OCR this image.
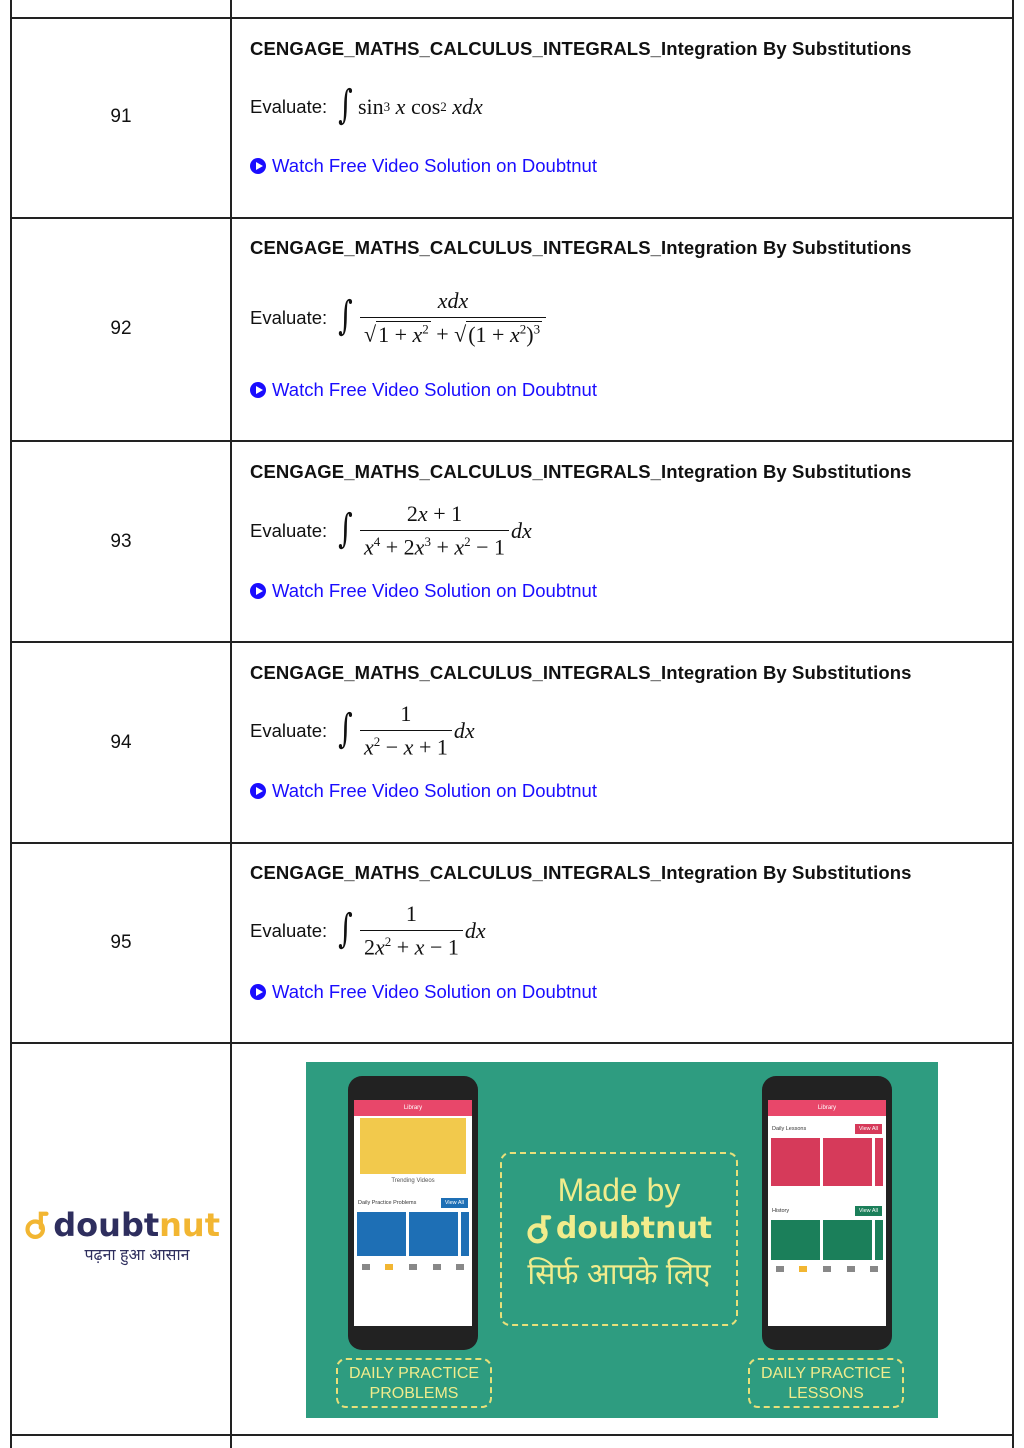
91
CENGAGE_MATHS_CALCULUS_INTEGRALS_Integration By Substitutions
Evaluate: ∫ sin 3
x cos 2
xdx
Watch Free Video Solution on Doubtnut
92
CENGAGE_MATHS_CALCULUS_INTEGRALS_Integration By Substitutions
Evaluate: ∫ $\frac{\text{xdx}}{√1 + x^2 + √(1 + x^2)^3}$
Watch Free Video Solution on Doubtnut
93
CENGAGE_MATHS_CALCULUS_INTEGRALS_Integration By Substitutions
Evaluate: ∫ $\frac{2x + 1}{x^4 + 2x^3 + x^2 - 1}$ dx
Watch Free Video Solution on Doubtnut
94
CENGAGE_MATHS_CALCULUS_INTEGRALS_Integration By Substitutions
Evaluate: ∫ $\frac{1}{x^2 - x + 1}$ dx
Watch Free Video Solution on Doubtnut
95
CENGAGE_MATHS_CALCULUS_INTEGRALS_Integration By Substitutions
Evaluate: ∫ $\frac{1}{2x^2 + x - 1}$ dx
Watch Free Video Solution on Doubtnut
doubt nut
पढ़ना हुआ आसान
Library
Trending Videos
Daily Practice Problems	View All
DAILY PRACTICE
PROBLEMS
Made by
doubtnut
सिर्फ आपके लिए
Library
Daily Lessons	View All
History	View All
DAILY PRACTICE
LESSONS
